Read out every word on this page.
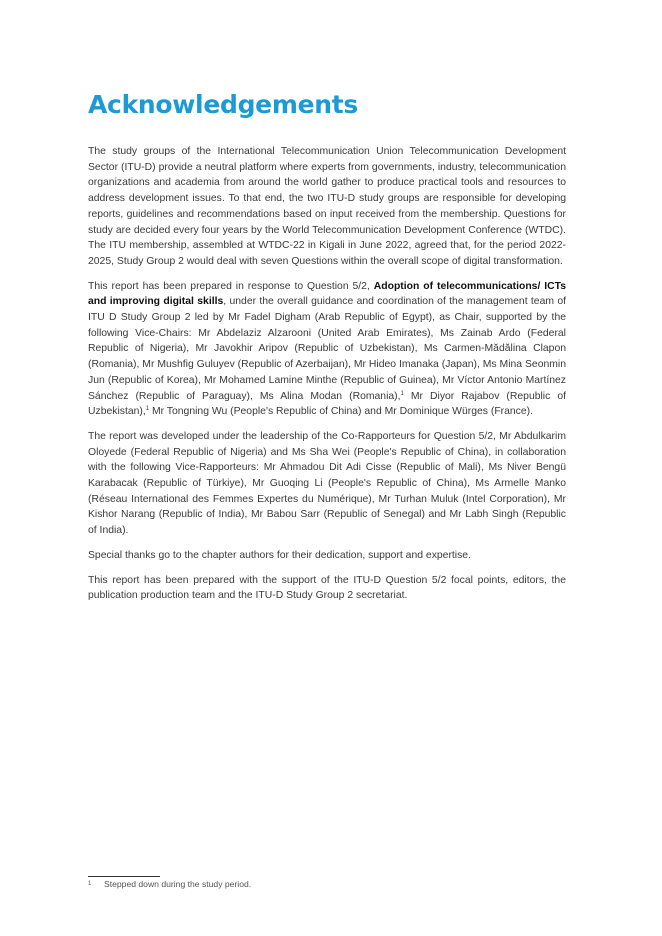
Acknowledgements

The study groups of the International Telecommunication Union Telecommunication Development Sector (ITU-D) provide a neutral platform where experts from governments, industry, telecommunication organizations and academia from around the world gather to produce practical tools and resources to address development issues. To that end, the two ITU-D study groups are responsible for developing reports, guidelines and recommendations based on input received from the membership. Questions for study are decided every four years by the World Telecommunication Development Conference (WTDC). The ITU membership, assembled at WTDC-22 in Kigali in June 2022, agreed that, for the period 2022-2025, Study Group 2 would deal with seven Questions within the overall scope of digital transformation.

This report has been prepared in response to Question 5/2, Adoption of telecommunications/ ICTs and improving digital skills, under the overall guidance and coordination of the management team of ITU D Study Group 2 led by Mr Fadel Digham (Arab Republic of Egypt), as Chair, supported by the following Vice-Chairs: Mr Abdelaziz Alzarooni (United Arab Emirates), Ms Zainab Ardo (Federal Republic of Nigeria), Mr Javokhir Aripov (Republic of Uzbekistan), Ms Carmen-Mădălina Clapon (Romania), Mr Mushfig Guluyev (Republic of Azerbaijan), Mr Hideo Imanaka (Japan), Ms Mina Seonmin Jun (Republic of Korea), Mr Mohamed Lamine Minthe (Republic of Guinea), Mr Víctor Antonio Martínez Sánchez (Republic of Paraguay), Ms Alina Modan (Romania),$^1$ Mr Diyor Rajabov (Republic of Uzbekistan),$^1$ Mr Tongning Wu (People's Republic of China) and Mr Dominique Würges (France).

The report was developed under the leadership of the Co-Rapporteurs for Question 5/2, Mr Abdulkarim Oloyede (Federal Republic of Nigeria) and Ms Sha Wei (People's Republic of China), in collaboration with the following Vice-Rapporteurs: Mr Ahmadou Dit Adi Cisse (Republic of Mali), Ms Niver Bengü Karabacak (Republic of Türkiye), Mr Guoqing Li (People's Republic of China), Ms Armelle Manko (Réseau International des Femmes Expertes du Numérique), Mr Turhan Muluk (Intel Corporation), Mr Kishor Narang (Republic of India), Mr Babou Sarr (Republic of Senegal) and Mr Labh Singh (Republic of India).

Special thanks go to the chapter authors for their dedication, support and expertise.

This report has been prepared with the support of the ITU-D Question 5/2 focal points, editors, the publication production team and the ITU-D Study Group 2 secretariat.

1	Stepped down during the study period.
